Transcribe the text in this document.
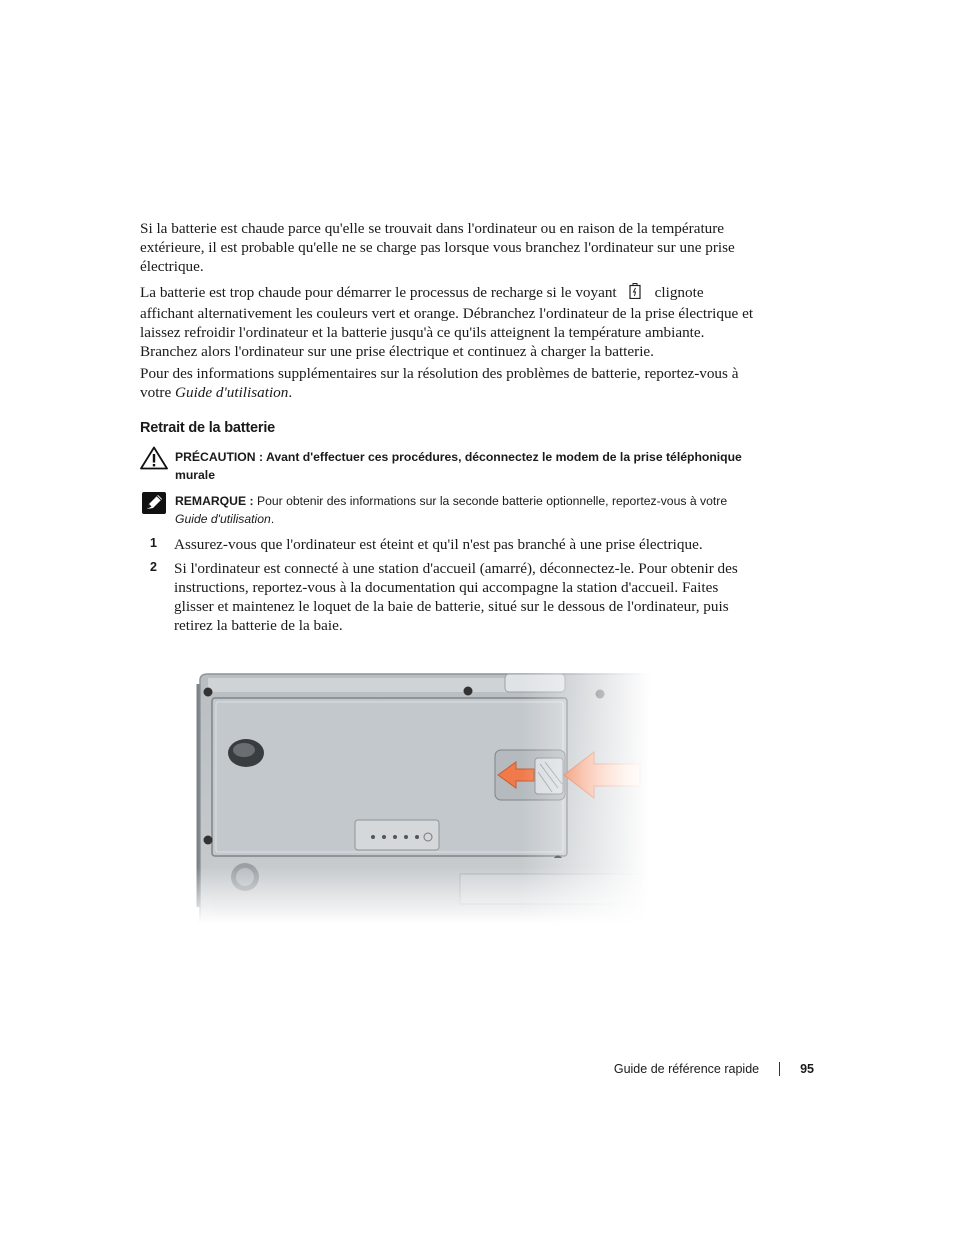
Si la batterie est chaude parce qu'elle se trouvait dans l'ordinateur ou en raison de la température extérieure, il est probable qu'elle ne se charge pas lorsque vous branchez l'ordinateur sur une prise électrique.

La batterie est trop chaude pour démarrer le processus de recharge si le voyant	clignote affichant alternativement les couleurs vert et orange. Débranchez l'ordinateur de la prise électrique et laissez refroidir l'ordinateur et la batterie jusqu'à ce qu'ils atteignent la température ambiante. Branchez alors l'ordinateur sur une prise électrique et continuez à charger la batterie.

Pour des informations supplémentaires sur la résolution des problèmes de batterie, reportez-vous à votre Guide d'utilisation.

Retrait de la batterie
PRÉCAUTION : Avant d'effectuer ces procédures, déconnectez le modem de la prise téléphonique murale
REMARQUE : Pour obtenir des informations sur la seconde batterie optionnelle, reportez-vous à votre
Guide d'utilisation.
1 Assurez-vous que l'ordinateur est éteint et qu'il n'est pas branché à une prise électrique.

2 Si l'ordinateur est connecté à une station d'accueil (amarré), déconnectez-le. Pour obtenir des instructions, reportez-vous à la documentation qui accompagne la station d'accueil. Faites glisser et maintenez le loquet de la baie de batterie, situé sur le dessous de l'ordinateur, puis retirez la batterie de la baie.

Guide de référence rapide	95
